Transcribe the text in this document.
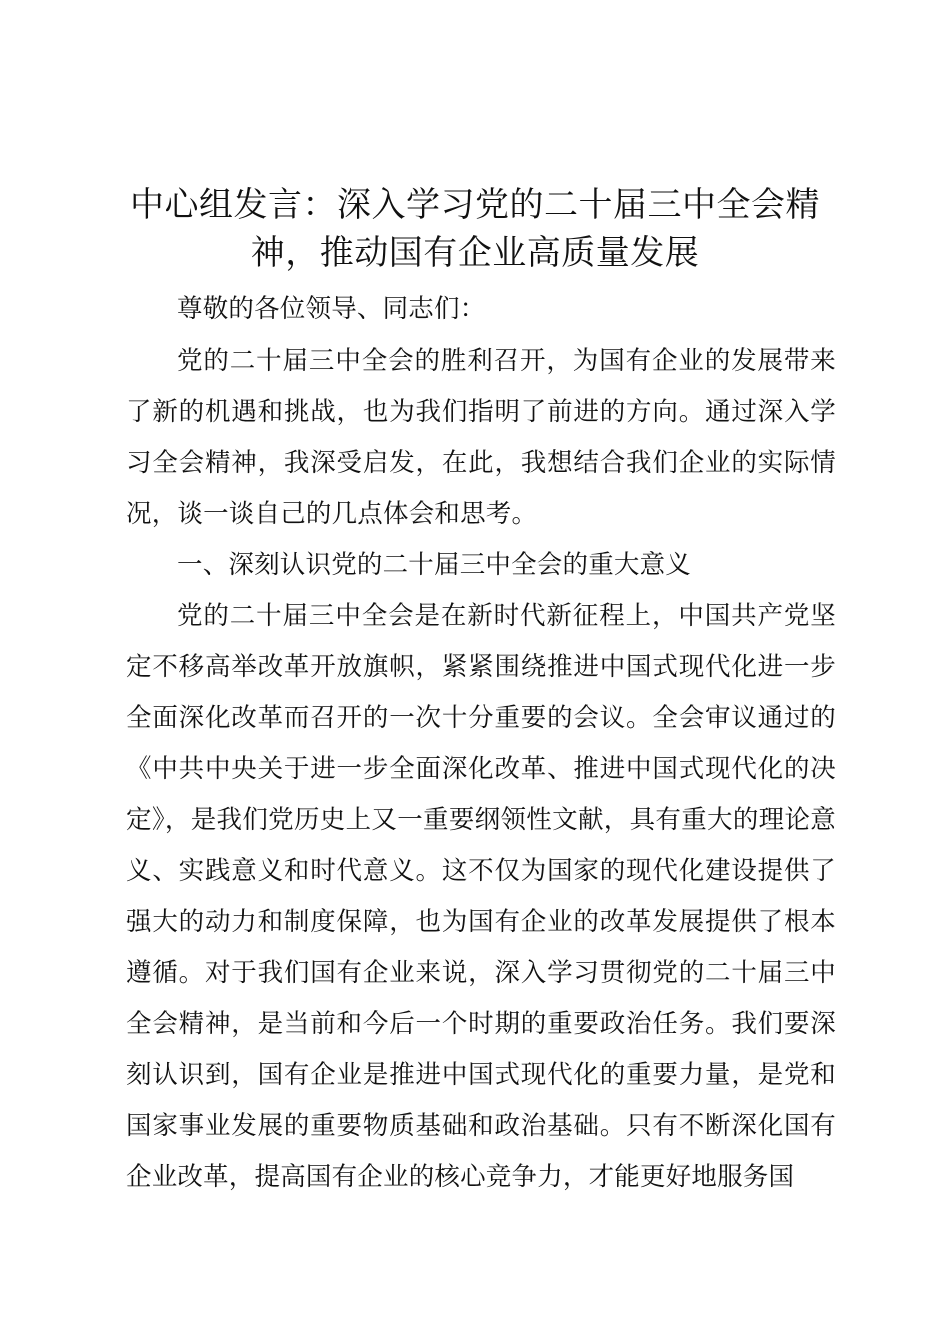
中心组发言：深入学习党的二十届三中全会精神，推动国有企业高质量发展

尊敬的各位领导、同志们：

党的二十届三中全会的胜利召开，为国有企业的发展带来了新的机遇和挑战，也为我们指明了前进的方向。通过深入学习全会精神，我深受启发，在此，我想结合我们企业的实际情况，谈一谈自己的几点体会和思考。

一、深刻认识党的二十届三中全会的重大意义

党的二十届三中全会是在新时代新征程上，中国共产党坚定不移高举改革开放旗帜，紧紧围绕推进中国式现代化进一步全面深化改革而召开的一次十分重要的会议。全会审议通过的《中共中央关于进一步全面深化改革、推进中国式现代化的决定》，是我们党历史上又一重要纲领性文献，具有重大的理论意义、实践意义和时代意义。这不仅为国家的现代化建设提供了强大的动力和制度保障，也为国有企业的改革发展提供了根本遵循。对于我们国有企业来说，深入学习贯彻党的二十届三中全会精神，是当前和今后一个时期的重要政治任务。我们要深刻认识到，国有企业是推进中国式现代化的重要力量，是党和国家事业发展的重要物质基础和政治基础。只有不断深化国有企业改革，提高国有企业的核心竞争力，才能更好地服务国
